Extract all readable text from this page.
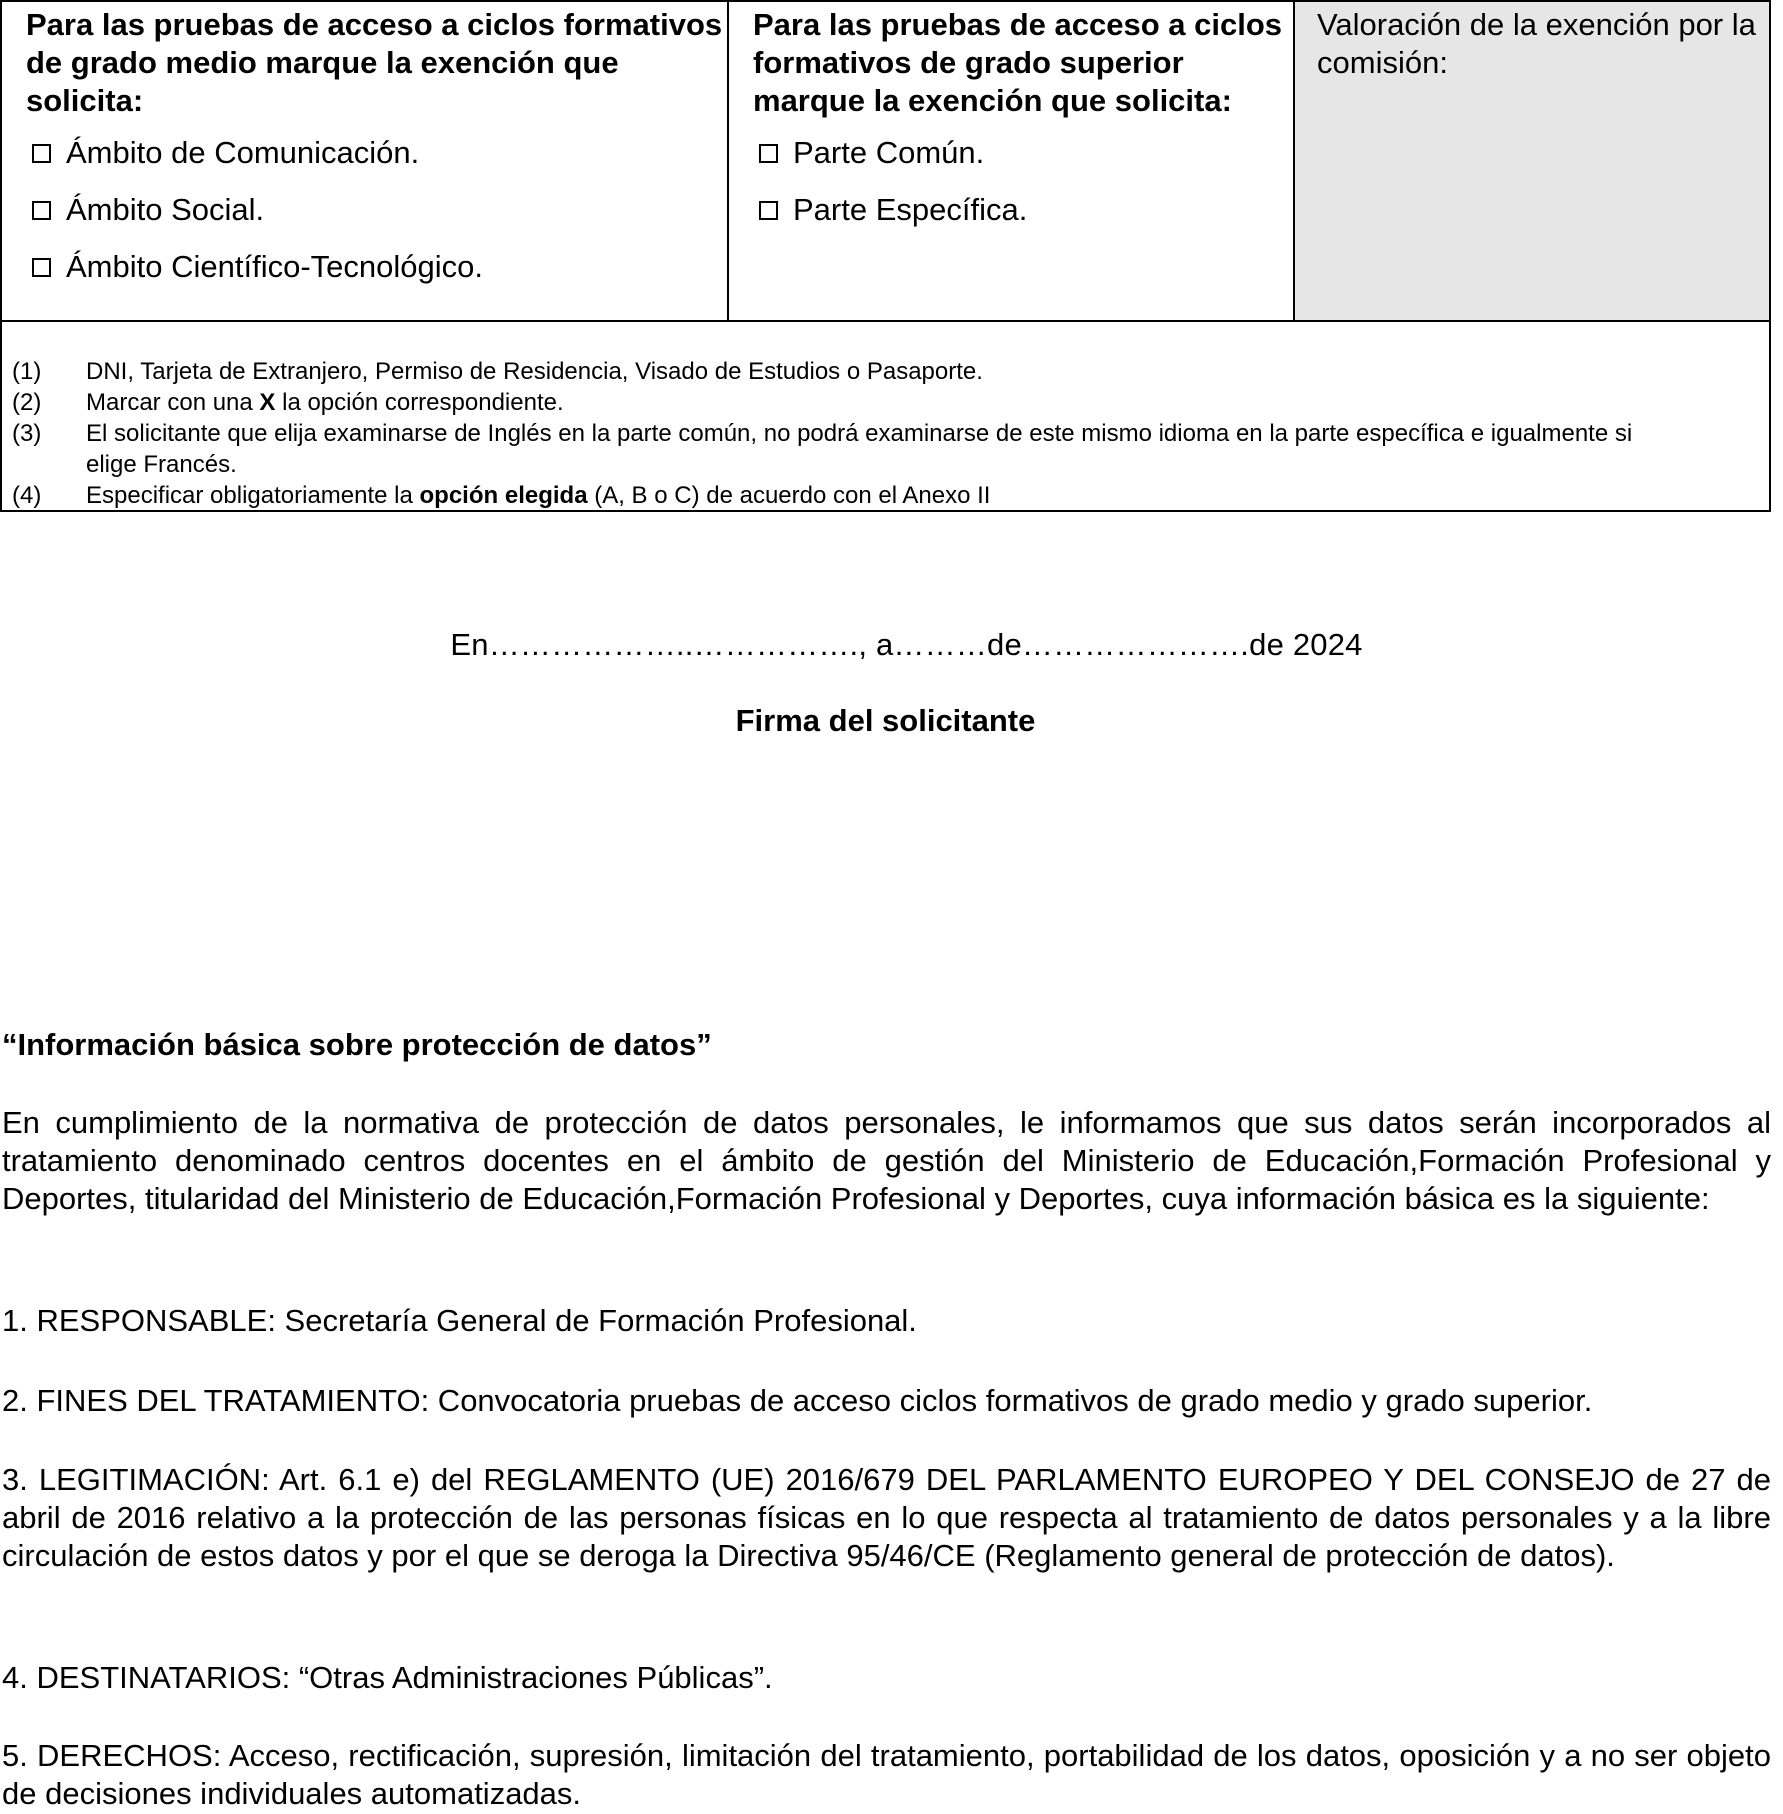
Para las pruebas de acceso a ciclos formativos de grado medio marque la exención que solicita:

Ámbito de Comunicación.
Ámbito Social.
Ámbito Científico-Tecnológico.

Para las pruebas de acceso a ciclos formativos de grado superior marque la exención que solicita:

Parte Común.
Parte Específica.

Valoración de la exención por la comisión:

(1)	DNI, Tarjeta de Extranjero, Permiso de Residencia, Visado de Estudios o Pasaporte.
(2)	Marcar con una X la opción correspondiente.
(3)	El solicitante que elija examinarse de Inglés en la parte común, no podrá examinarse de este mismo idioma en la parte específica e igualmente si elige Francés.
(4)	Especificar obligatoriamente la opción elegida (A, B o C) de acuerdo con el Anexo II
En………………..……………., a………de………………….de 2024
Firma del solicitante
“Información básica sobre protección de datos”

En cumplimiento de la normativa de protección de datos personales, le informamos que sus datos serán incorporados al tratamiento denominado centros docentes en el ámbito de gestión del Ministerio de Educación,Formación Profesional y Deportes, titularidad del Ministerio de Educación,Formación Profesional y Deportes, cuya información básica es la siguiente:

1. RESPONSABLE: Secretaría General de Formación Profesional.

2. FINES DEL TRATAMIENTO: Convocatoria pruebas de acceso ciclos formativos de grado medio y grado superior.

3. LEGITIMACIÓN: Art. 6.1 e) del REGLAMENTO (UE) 2016/679 DEL PARLAMENTO EUROPEO Y DEL CONSEJO de 27 de abril de 2016 relativo a la protección de las personas físicas en lo que respecta al tratamiento de datos personales y a la libre circulación de estos datos y por el que se deroga la Directiva 95/46/CE (Reglamento general de protección de datos).

4. DESTINATARIOS: “Otras Administraciones Públicas”.

5. DERECHOS: Acceso, rectificación, supresión, limitación del tratamiento, portabilidad de los datos, oposición y a no ser objeto de decisiones individuales automatizadas.
